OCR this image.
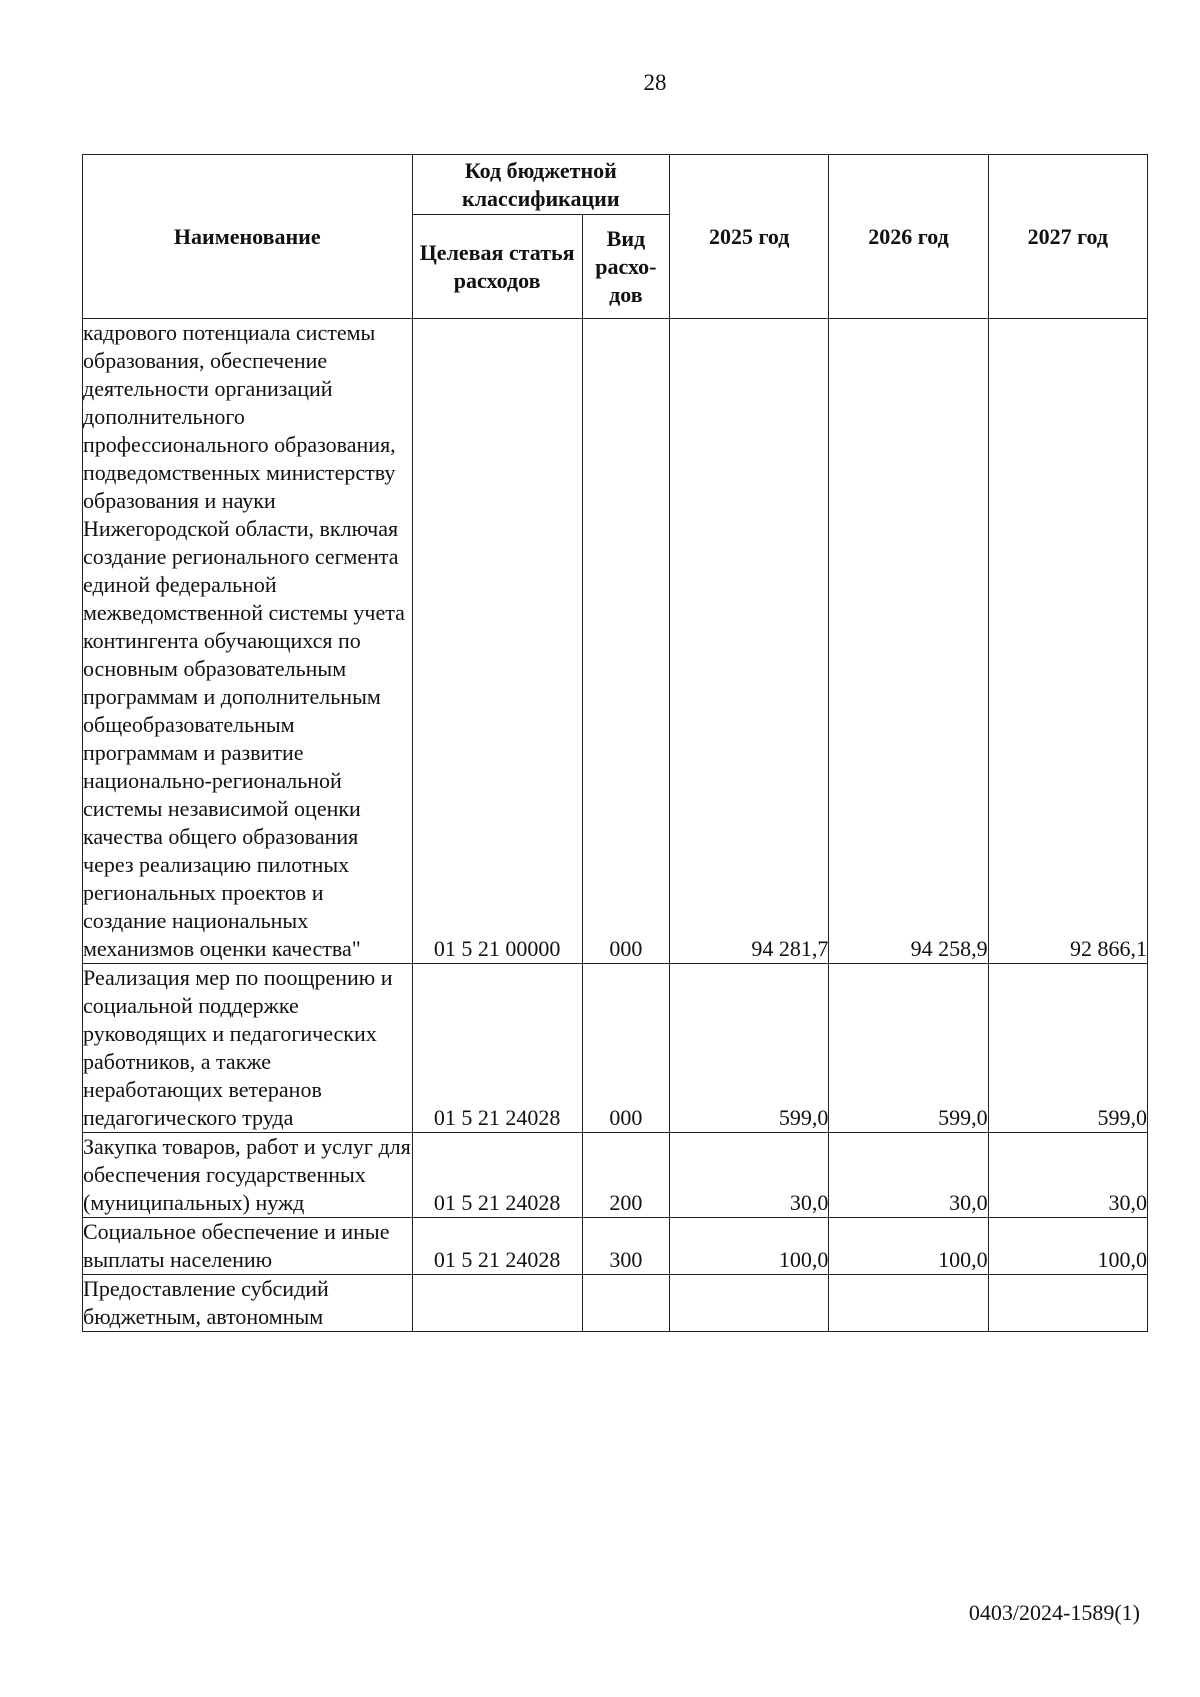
28
Наименование	Код бюджетной классификации		2025 год	2026 год	2027 год
	Целевая статья расходов	Вид расхо-дов			
кадрового потенциала системы образования, обеспечение деятельности организаций дополнительного профессионального образования, подведомственных министерству образования и науки Нижегородской области, включая создание регионального сегмента единой федеральной межведомственной системы учета контингента обучающихся по основным образовательным программам и дополнительным общеобразовательным программам и развитие национально-региональной системы независимой оценки качества общего образования через реализацию пилотных региональных проектов и создание национальных механизмов оценки качества"	01 5 21 00000	000	94 281,7	94 258,9	92 866,1
Реализация мер по поощрению и социальной поддержке руководящих и педагогических работников, а также неработающих ветеранов педагогического труда	01 5 21 24028	000	599,0	599,0	599,0
Закупка товаров, работ и услуг для обеспечения государственных (муниципальных) нужд	01 5 21 24028	200	30,0	30,0	30,0
Социальное обеспечение и иные выплаты населению	01 5 21 24028	300	100,0	100,0	100,0
Предоставление субсидий бюджетным, автономным					
0403/2024-1589(1)
